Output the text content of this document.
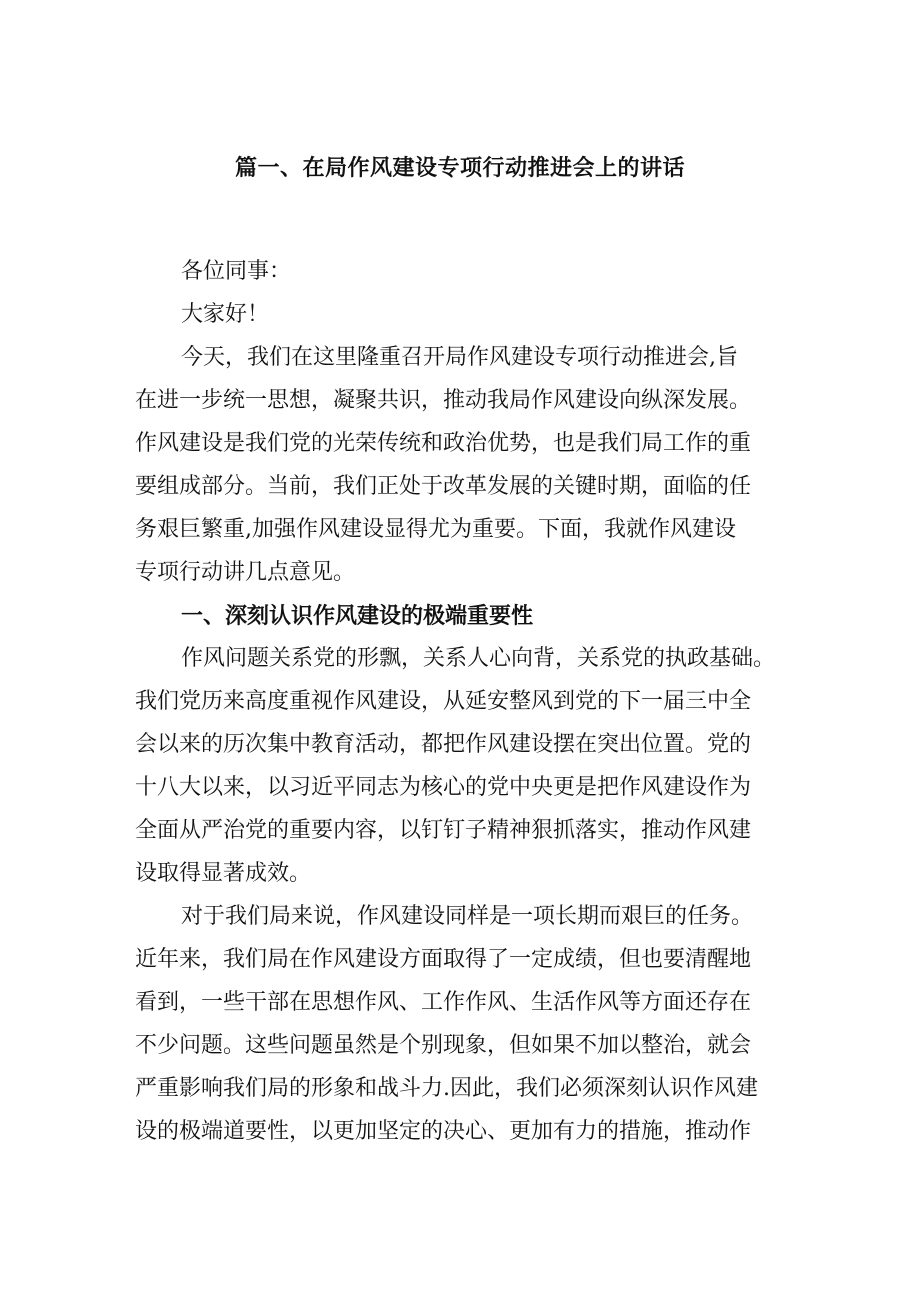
篇一、在局作风建设专项行动推进会上的讲话
各位同事：
大家好！
今天，我们在这里隆重召开局作风建设专项行动推进会,旨
在进一步统一思想，凝聚共识，推动我局作风建设向纵深发展。
作风建设是我们党的光荣传统和政治优势，也是我们局工作的重
要组成部分。当前，我们正处于改革发展的关键时期，面临的任
务艰巨繁重,加强作风建设显得尤为重要。下面，我就作风建设
专项行动讲几点意见。
一、深刻认识作风建设的极端重要性
作风问题关系党的形飘，关系人心向背，关系党的执政基础。
我们党历来高度重视作风建设，从延安整风到党的下一届三中全
会以来的历次集中教育活动，都把作风建设摆在突出位置。党的
十八大以来，以习近平同志为核心的党中央更是把作风建设作为
全面从严治党的重要内容，以钉钉子精神狠抓落实，推动作风建
设取得显著成效。
对于我们局来说，作风建设同样是一项长期而艰巨的任务。
近年来，我们局在作风建设方面取得了一定成绩，但也要清醒地
看到，一些干部在思想作风、工作作风、生活作风等方面还存在
不少问题。这些问题虽然是个别现象，但如果不加以整治，就会
严重影响我们局的形象和战斗力.因此，我们必须深刻认识作风建
设的极端道要性，以更加坚定的决心、更加有力的措施，推动作
